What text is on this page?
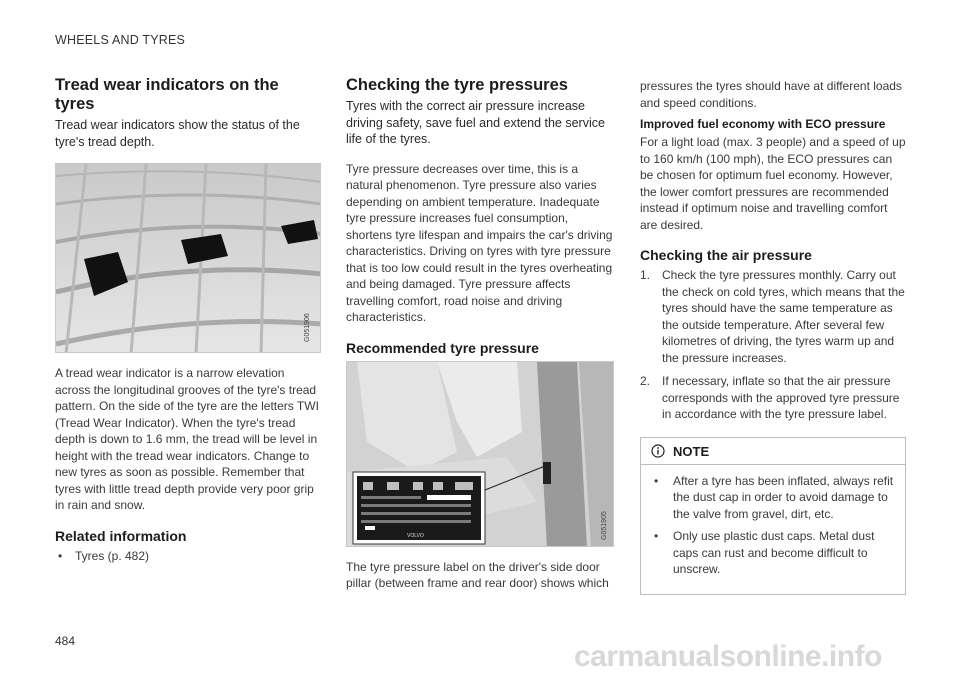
WHEELS AND TYRES
Tread wear indicators on the tyres

Tread wear indicators show the status of the tyre's tread depth.

G051906

A tread wear indicator is a narrow elevation across the longitudinal grooves of the tyre's tread pattern. On the side of the tyre are the letters TWI (Tread Wear Indicator). When the tyre's tread depth is down to 1.6 mm, the tread will be level in height with the tread wear indicators. Change to new tyres as soon as possible. Remember that tyres with little tread depth provide very poor grip in rain and snow.

Related information
• Tyres (p. 482)
Checking the tyre pressures

Tyres with the correct air pressure increase driving safety, save fuel and extend the service life of the tyres.

Tyre pressure decreases over time, this is a natural phenomenon. Tyre pressure also varies depending on ambient temperature. Inadequate tyre pressure increases fuel consumption, shortens tyre lifespan and impairs the car's driving characteristics. Driving on tyres with tyre pressure that is too low could result in the tyres overheating and being damaged. Tyre pressure affects travelling comfort, road noise and driving characteristics.

Recommended tyre pressure
VOLVO	G051905

The tyre pressure label on the driver's side door pillar (between frame and rear door) shows which

pressures the tyres should have at different loads and speed conditions.

Improved fuel economy with ECO pressure

For a light load (max. 3 people) and a speed of up to 160 km/h (100 mph), the ECO pressures can be chosen for optimum fuel economy. However, the lower comfort pressures are recommended instead if optimum noise and travelling comfort are desired.

Checking the air pressure
1. Check the tyre pressures monthly. Carry out the check on cold tyres, which means that the tyres should have the same temperature as the outside temperature. After several few kilometres of driving, the tyres warm up and the pressure increases.
2. If necessary, inflate so that the air pressure corresponds with the approved tyre pressure in accordance with the tyre pressure label.
NOTE
• After a tyre has been inflated, always refit the dust cap in order to avoid damage to the valve from gravel, dirt, etc.
• Only use plastic dust caps. Metal dust caps can rust and become difficult to unscrew.
484	carmanualsonline.info
